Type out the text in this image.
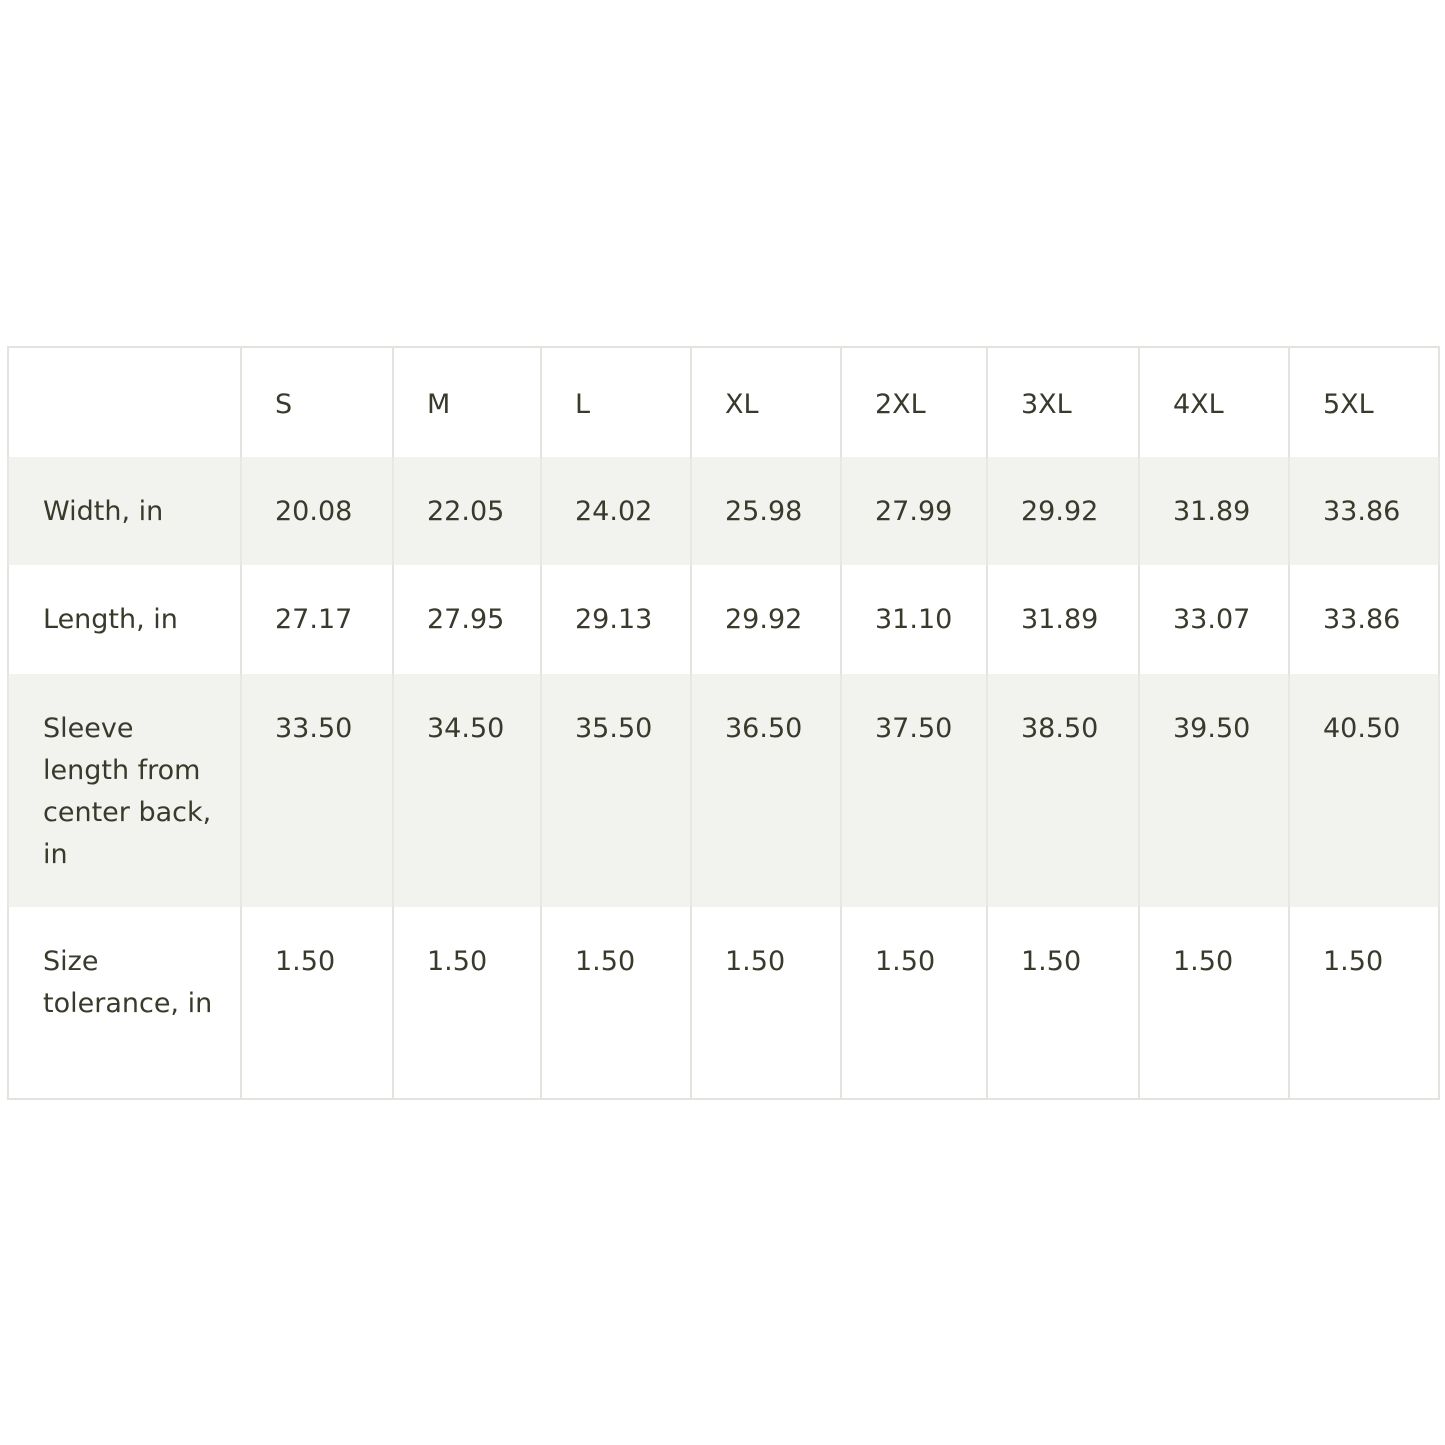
	S	M	L	XL	2XL	3XL	4XL	5XL
Width, in	20.08	22.05	24.02	25.98	27.99	29.92	31.89	33.86
Length, in	27.17	27.95	29.13	29.92	31.10	31.89	33.07	33.86
Sleeve length from center back, in	33.50	34.50	35.50	36.50	37.50	38.50	39.50	40.50
Size tolerance, in	1.50	1.50	1.50	1.50	1.50	1.50	1.50	1.50
